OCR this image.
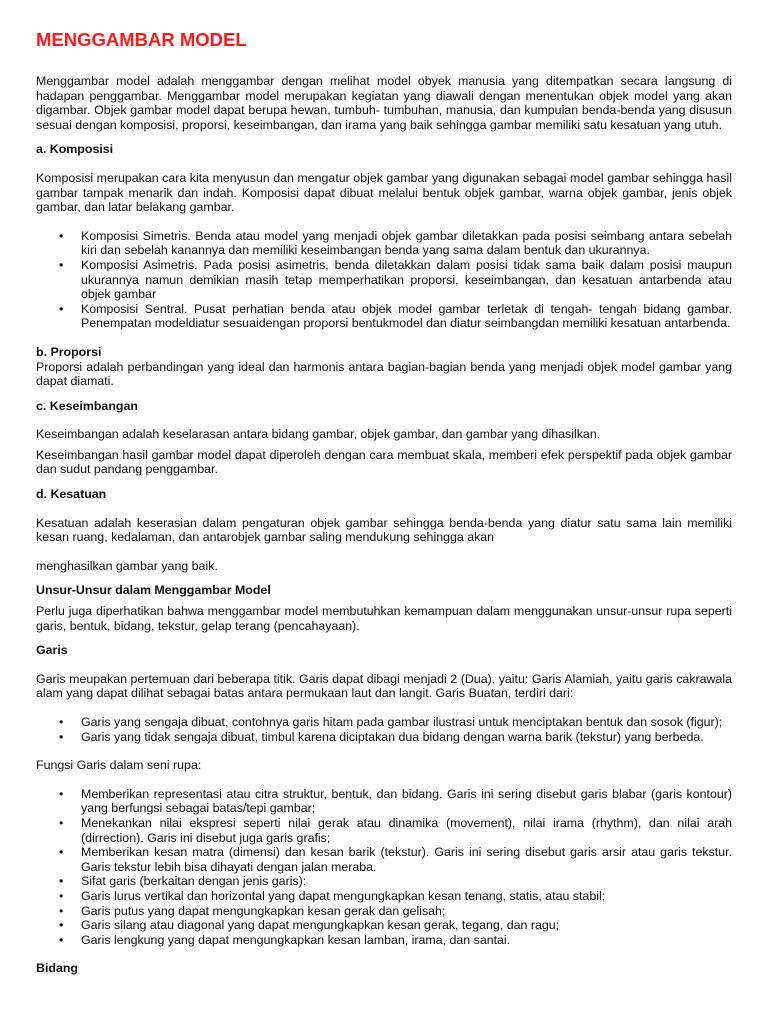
MENGGAMBAR MODEL

Menggambar model adalah menggambar dengan melihat model obyek manusia yang ditempatkan secara langsung di hadapan penggambar. Menggambar model merupakan kegiatan yang diawali dengan menentukan objek model yang akan digambar. Objek gambar model dapat berupa hewan, tumbuh- tumbuhan, manusia, dan kumpulan benda-benda yang disusun sesuai dengan komposisi, proporsi, keseimbangan, dan irama yang baik sehingga gambar memiliki satu kesatuan yang utuh.

a. Komposisi

Komposisi merupakan cara kita menyusun dan mengatur objek gambar yang digunakan sebagai model gambar sehingga hasil gambar tampak menarik dan indah. Komposisi dapat dibuat melalui bentuk objek gambar, warna objek gambar, jenis objek gambar, dan latar belakang gambar.

• Komposisi Simetris. Benda atau model yang menjadi objek gambar diletakkan pada posisi seimbang antara sebelah kiri dan sebelah kanannya dan memiliki keseimbangan benda yang sama dalam bentuk dan ukurannya.
• Komposisi Asimetris. Pada posisi asimetris, benda diletakkan dalam posisi tidak sama baik dalam posisi maupun ukurannya namun demikian masih tetap memperhatikan proporsi, keseimbangan, dan kesatuan antarbenda atau objek gambar
• Komposisi Sentral. Pusat perhatian benda atau objek model gambar terletak di tengah- tengah bidang gambar. Penempatan modeldiatur sesuaidengan proporsi bentukmodel dan diatur seimbangdan memiliki kesatuan antarbenda.
b. Proporsi

Proporsi adalah perbandingan yang ideal dan harmonis antara bagian-bagian benda yang menjadi objek model gambar yang dapat diamati.

c. Keseimbangan

Keseimbangan adalah keselarasan antara bidang gambar, objek gambar, dan gambar yang dihasilkan.

Keseimbangan hasil gambar model dapat diperoleh dengan cara membuat skala, memberi efek perspektif pada objek gambar dan sudut pandang penggambar.

d. Kesatuan

Kesatuan adalah keserasian dalam pengaturan objek gambar sehingga benda-benda yang diatur satu sama lain memiliki kesan ruang, kedalaman, dan antarobjek gambar saling mendukung sehingga akan

menghasilkan gambar yang baik.

Unsur-Unsur dalam Menggambar Model

Perlu juga diperhatikan bahwa menggambar model membutuhkan kemampuan dalam menggunakan unsur-unsur rupa seperti garis, bentuk, bidang, tekstur, gelap terang (pencahayaan).

Garis

Garis meupakan pertemuan dari beberapa titik. Garis dapat dibagi menjadi 2 (Dua), yaitu: Garis Alamiah, yaitu garis cakrawala alam yang dapat dilihat sebagai batas antara permukaan laut dan langit. Garis Buatan, terdiri dari:

• Garis yang sengaja dibuat, contohnya garis hitam pada gambar ilustrasi untuk menciptakan bentuk dan sosok (figur);
• Garis yang tidak sengaja dibuat, timbul karena diciptakan dua bidang dengan warna barik (tekstur) yang berbeda.

Fungsi Garis dalam seni rupa:

• Memberikan representasi atau citra struktur, bentuk, dan bidang. Garis ini sering disebut garis blabar (garis kontour) yang berfungsi sebagai batas/tepi gambar;
• Menekankan nilai ekspresi seperti nilai gerak atau dinamika (movement), nilai irama (rhythm), dan nilai arah (dirrection). Garis ini disebut juga garis grafis;
• Memberikan kesan matra (dimensi) dan kesan barik (tekstur). Garis ini sering disebut garis arsir atau garis tekstur. Garis tekstur lebih bisa dihayati dengan jalan meraba.
• Sifat garis (berkaitan dengan jenis garis):
• Garis lurus vertikal dan horizontal yang dapat mengungkapkan kesan tenang, statis, atau stabil;
• Garis putus yang dapat mengungkapkan kesan gerak dan gelisah;
• Garis silang atau diagonal yang dapat mengungkapkan kesan gerak, tegang, dan ragu;
• Garis lengkung yang dapat mengungkapkan kesan lamban, irama, dan santai.
Bidang
